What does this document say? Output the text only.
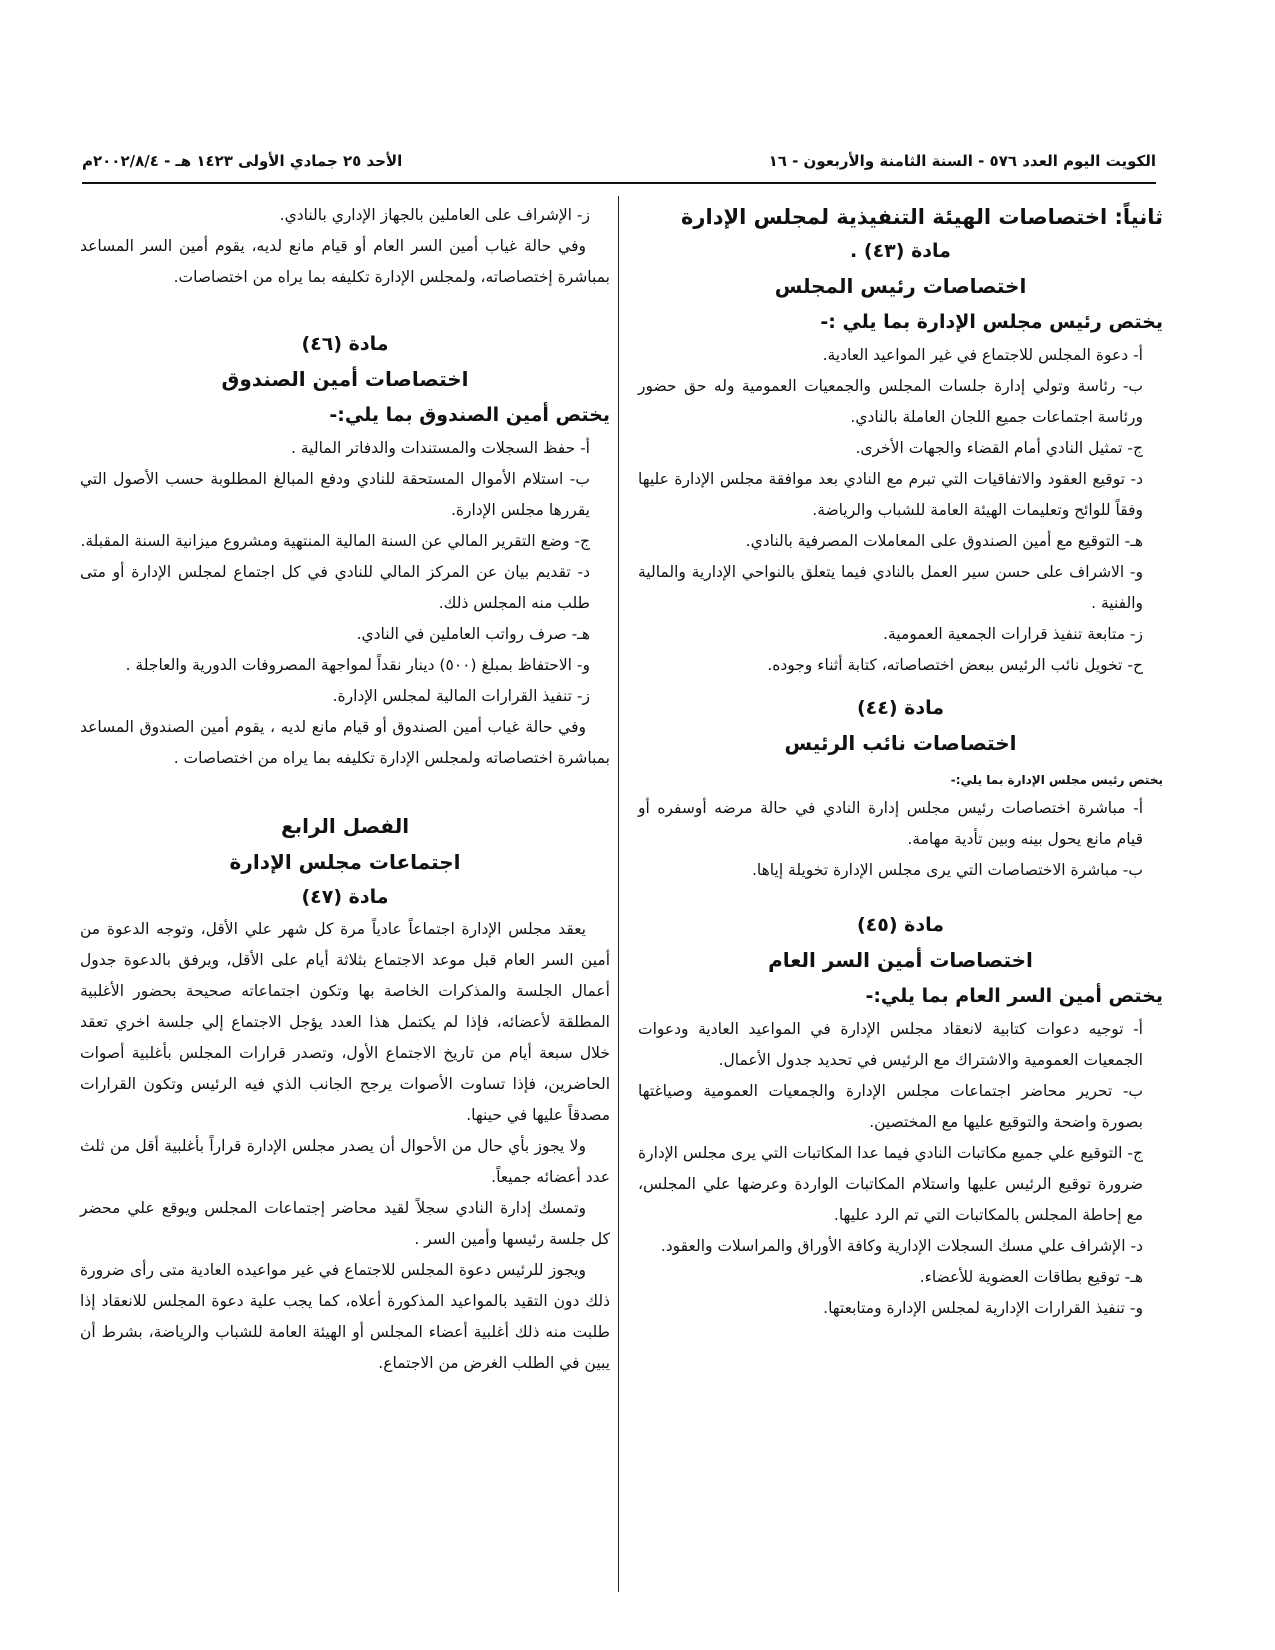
الكويت اليوم العدد ٥٧٦ - السنة الثامنة والأربعون - ١٦
الأحد ٢٥ جمادي الأولى ١٤٢٣ هـ - ٢٠٠٢/٨/٤م

ثانياً: اختصاصات الهيئة التنفيذية لمجلس الإدارة

مادة (٤٣) .

اختصاصات رئيس المجلس

يختص رئيس مجلس الإدارة بما يلي :-

أ- دعوة المجلس للاجتماع في غير المواعيد العادية.

ب- رئاسة وتولي إدارة جلسات المجلس والجمعيات العمومية وله حق حضور ورئاسة اجتماعات جميع اللجان العاملة بالنادي.

ج- تمثيل النادي أمام القضاء والجهات الأخرى.

د- توقيع العقود والاتفاقيات التي تبرم مع النادي بعد موافقة مجلس الإدارة عليها وفقاً للوائح وتعليمات الهيئة العامة للشباب والرياضة.

هـ- التوقيع مع أمين الصندوق على المعاملات المصرفية بالنادي.

و- الاشراف على حسن سير العمل بالنادي فيما يتعلق بالنواحي الإدارية والمالية والفنية .

ز- متابعة تنفيذ قرارات الجمعية العمومية.

ح- تخويل نائب الرئيس ببعض اختصاصاته، كتابة أثناء وجوده.

مادة (٤٤)

اختصاصات نائب الرئيس

يختص رئيس مجلس الإدارة بما يلي:-

أ- مباشرة اختصاصات رئيس مجلس إدارة النادي في حالة مرضه أوسفره أو قيام مانع يحول بينه وبين تأدية مهامة.

ب- مباشرة الاختصاصات التي يرى مجلس الإدارة تخويلة إياها.

مادة (٤٥)

اختصاصات أمين السر العام

يختص أمين السر العام بما يلي:-

أ- توجيه دعوات كتابية لانعقاد مجلس الإدارة في المواعيد العادية ودعوات الجمعيات العمومية والاشتراك مع الرئيس في تحديد جدول الأعمال.

ب- تحرير محاضر اجتماعات مجلس الإدارة والجمعيات العمومية وصياغتها بصورة واضحة والتوقيع عليها مع المختصين.

ج- التوقيع علي جميع مكاتبات النادي فيما عدا المكاتبات التي يرى مجلس الإدارة ضرورة توقيع الرئيس عليها واستلام المكاتبات الواردة وعرضها علي المجلس، مع إحاطة المجلس بالمكاتبات التي تم الرد عليها.

د- الإشراف علي مسك السجلات الإدارية وكافة الأوراق والمراسلات والعقود.

هـ- توقيع بطاقات العضوية للأعضاء.

و- تنفيذ القرارات الإدارية لمجلس الإدارة ومتابعتها.

ز- الإشراف على العاملين بالجهاز الإداري بالنادي.

وفي حالة غياب أمين السر العام أو قيام مانع لديه، يقوم أمين السر المساعد بمباشرة إختصاصاته، ولمجلس الإدارة تكليفه بما يراه من اختصاصات.

مادة (٤٦)

اختصاصات أمين الصندوق

يختص أمين الصندوق بما يلي:-

أ- حفظ السجلات والمستندات والدفاتر المالية .

ب- استلام الأموال المستحقة للنادي ودفع المبالغ المطلوبة حسب الأصول التي يقررها مجلس الإدارة.

ج- وضع التقرير المالي عن السنة المالية المنتهية ومشروع ميزانية السنة المقبلة.

د- تقديم بيان عن المركز المالي للنادي في كل اجتماع لمجلس الإدارة أو متى طلب منه المجلس ذلك.

هـ- صرف رواتب العاملين في النادي.

و- الاحتفاظ بمبلغ (٥٠٠) دينار نقداً لمواجهة المصروفات الدورية والعاجلة .

ز- تنفيذ القرارات المالية لمجلس الإدارة.

وفي حالة غياب أمين الصندوق أو قيام مانع لديه ، يقوم أمين الصندوق المساعد بمباشرة اختصاصاته ولمجلس الإدارة تكليفه بما يراه من اختصاصات .

الفصل الرابع

اجتماعات مجلس الإدارة

مادة (٤٧)

يعقد مجلس الإدارة اجتماعاً عادياً مرة كل شهر علي الأقل، وتوجه الدعوة من أمين السر العام قبل موعد الاجتماع بثلاثة أيام على الأقل، ويرفق بالدعوة جدول أعمال الجلسة والمذكرات الخاصة بها وتكون اجتماعاته صحيحة بحضور الأغلبية المطلقة لأعضائه، فإذا لم يكتمل هذا العدد يؤجل الاجتماع إلي جلسة اخري تعقد خلال سبعة أيام من تاريخ الاجتماع الأول، وتصدر قرارات المجلس بأغلبية أصوات الحاضرين، فإذا تساوت الأصوات يرجح الجانب الذي فيه الرئيس وتكون القرارات مصدقاً عليها في حينها.

ولا يجوز بأي حال من الأحوال أن يصدر مجلس الإدارة قراراً بأغلبية أقل من ثلث عدد أعضائه جميعاً.

وتمسك إدارة النادي سجلاً لقيد محاضر إجتماعات المجلس ويوقع علي محضر كل جلسة رئيسها وأمين السر .

ويجوز للرئيس دعوة المجلس للاجتماع في غير مواعيده العادية متى رأى ضرورة ذلك دون التقيد بالمواعيد المذكورة أعلاه، كما يجب علية دعوة المجلس للانعقاد إذا طلبت منه ذلك أغلبية أعضاء المجلس أو الهيئة العامة للشباب والرياضة، بشرط أن يبين في الطلب الغرض من الاجتماع.
